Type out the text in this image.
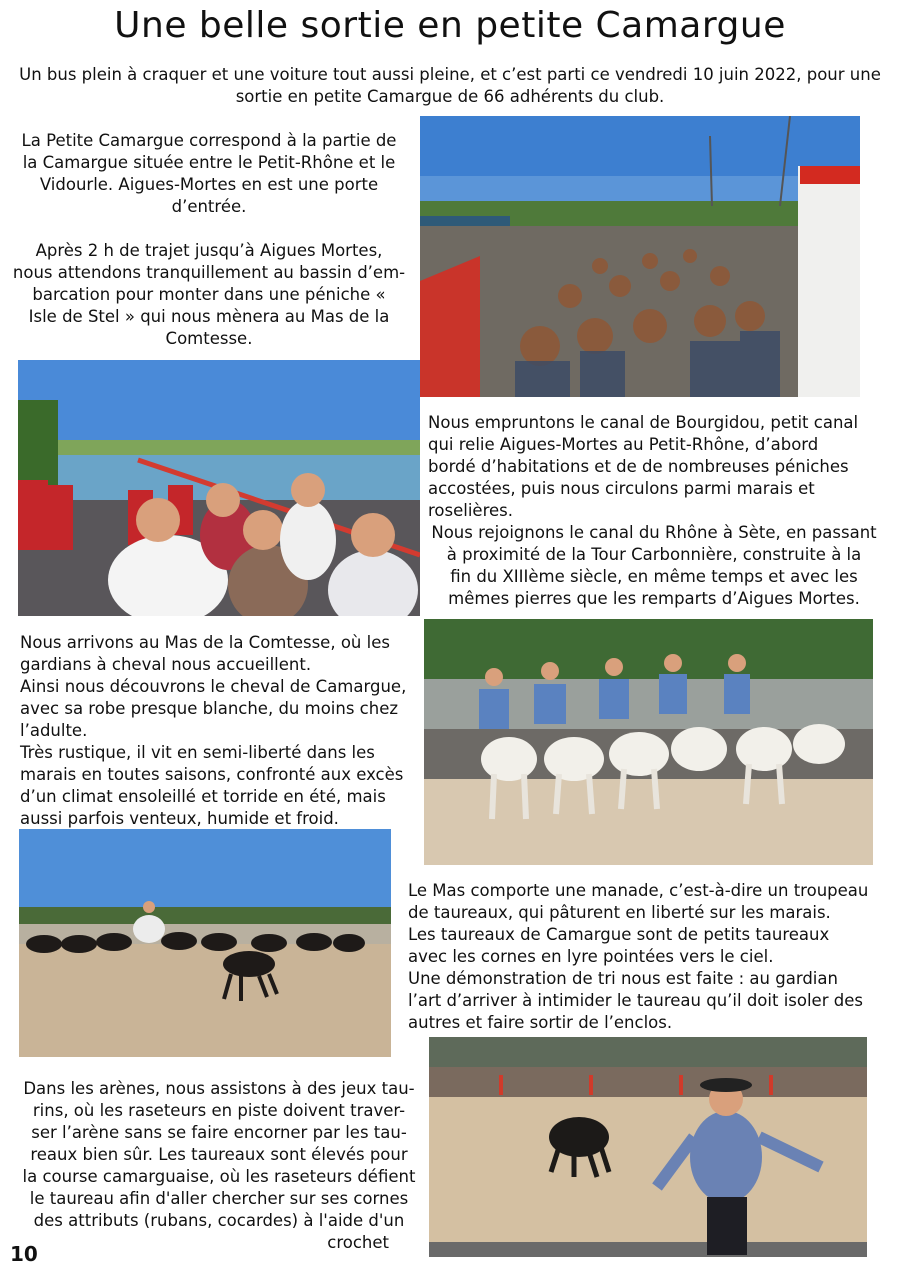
Une belle sortie en petite Camargue
Un bus plein à craquer et une voiture tout aussi pleine, et c’est parti ce vendredi 10 juin 2022, pour une sortie en petite Camargue de 66 adhérents du club.

La Petite Camargue correspond à la partie de
la Camargue située entre le Petit-Rhône et le
Vidourle. Aigues-Mortes en est une porte
d’entrée.

Après 2 h de trajet jusqu’à Aigues Mortes,
nous attendons tranquillement au bassin d’em-
barcation pour monter dans une péniche «
Isle de Stel » qui nous mènera au Mas de la
Comtesse.

Nous empruntons le canal de Bourgidou, petit canal
qui relie Aigues-Mortes au Petit-Rhône, d’abord
bordé d’habitations et de de nombreuses péniches
accostées, puis nous circulons parmi marais et
roselières.

Nous rejoignons le canal du Rhône à Sète, en passant
à proximité de la Tour Carbonnière, construite à la
fin du XIIIème siècle, en même temps et avec les
mêmes pierres que les remparts d’Aigues Mortes.

Nous arrivons au Mas de la Comtesse, où les
gardians à cheval nous accueillent.
Ainsi nous découvrons le cheval de Camargue,
avec sa robe presque blanche, du moins chez
l’adulte.
Très rustique, il vit en semi-liberté dans les
marais en toutes saisons, confronté aux excès
d’un climat ensoleillé et torride en été, mais
aussi parfois venteux, humide et froid.

Le Mas comporte une manade, c’est-à-dire un troupeau
de taureaux, qui pâturent en liberté sur les marais.
Les taureaux de Camargue sont de petits taureaux
avec les cornes en lyre pointées vers le ciel.
Une démonstration de tri nous est faite : au gardian
l’art d’arriver à intimider le taureau qu’il doit isoler des
autres et faire sortir de l’enclos.

Dans les arènes, nous assistons à des jeux tau-
rins, où les raseteurs en piste doivent traver-
ser l’arène sans se faire encorner par les tau-
reaux bien sûr. Les taureaux sont élevés pour
la course camarguaise, où les raseteurs défient
le taureau afin d'aller chercher sur ses cornes
des attributs (rubans, cocardes) à l'aide d'un

crochet

10
